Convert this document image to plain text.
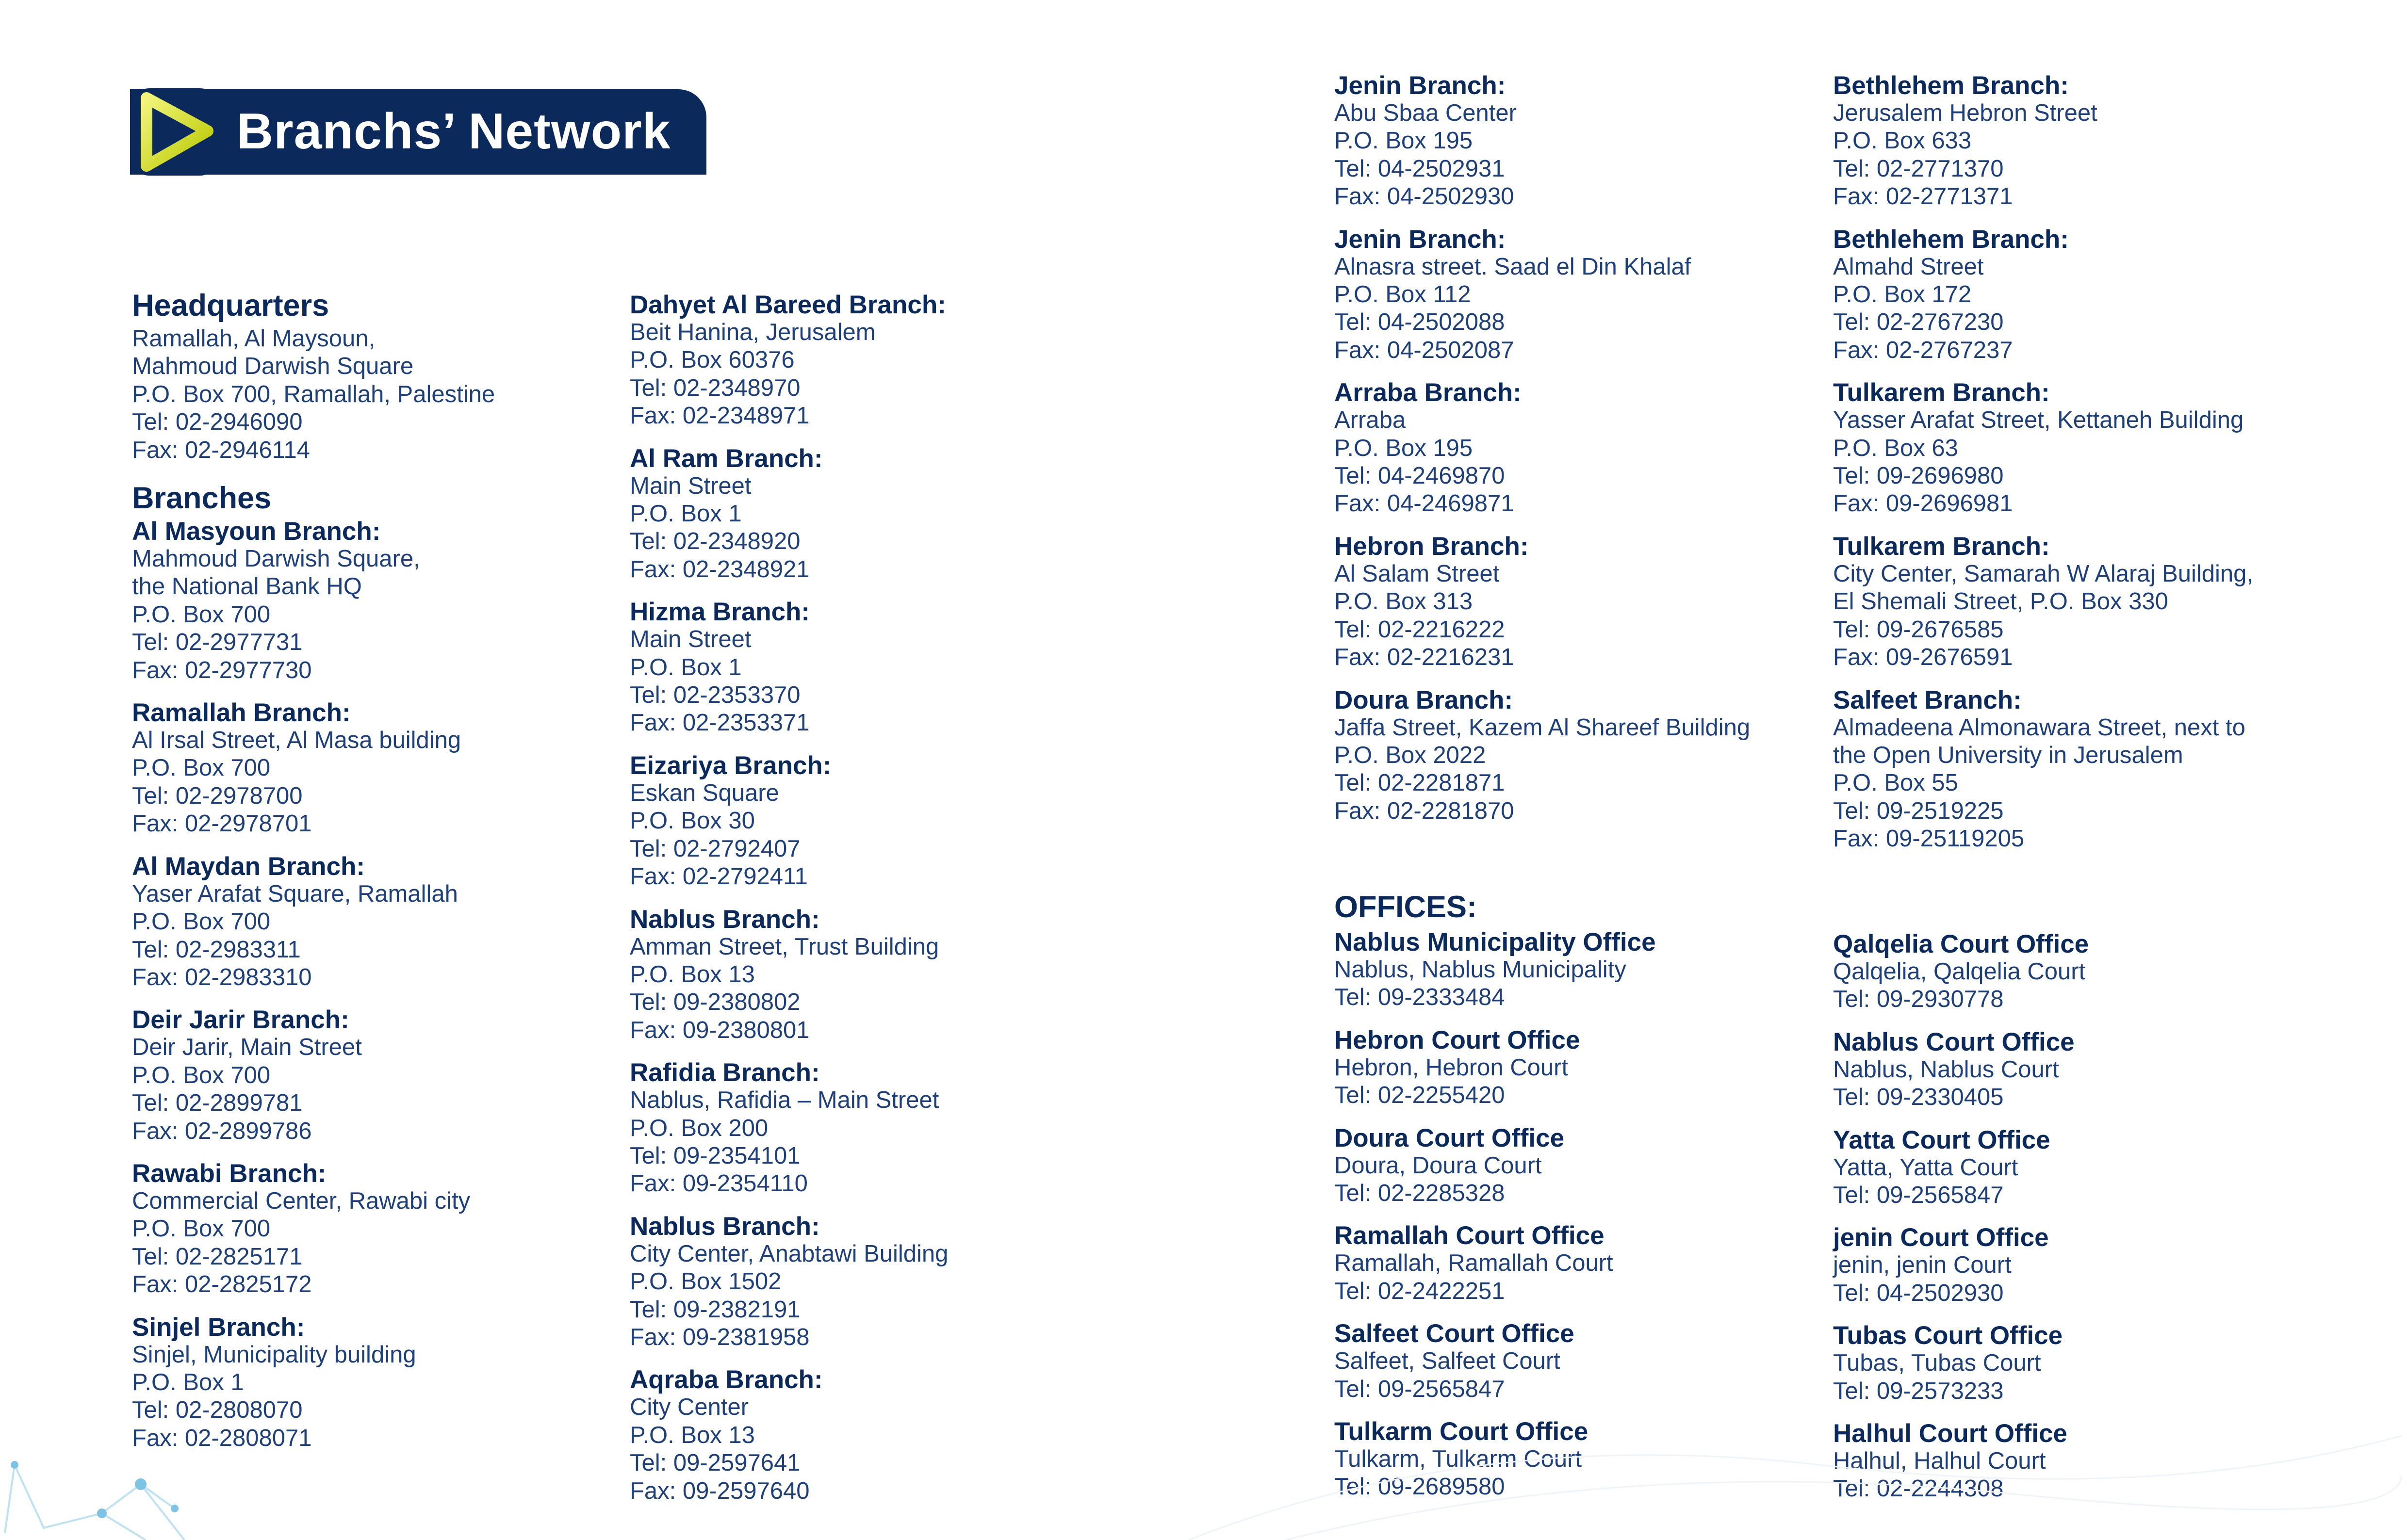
Branchs’ Network
Headquarters
Ramallah, Al Maysoun,
Mahmoud Darwish Square
P.O. Box 700, Ramallah, Palestine
Tel: 02-2946090
Fax: 02-2946114
Branches
Al Masyoun Branch:
Mahmoud Darwish Square,
the National Bank HQ
P.O. Box 700
Tel: 02-2977731
Fax: 02-2977730
Ramallah Branch:
Al Irsal Street, Al Masa building
P.O. Box 700
Tel: 02-2978700
Fax: 02-2978701
Al Maydan Branch:
Yaser Arafat Square, Ramallah
P.O. Box 700
Tel: 02-2983311
Fax: 02-2983310
Deir Jarir Branch:
Deir Jarir, Main Street
P.O. Box 700
Tel: 02-2899781
Fax: 02-2899786
Rawabi Branch:
Commercial Center, Rawabi city
P.O. Box 700
Tel: 02-2825171
Fax: 02-2825172
Sinjel Branch:
Sinjel, Municipality building
P.O. Box 1
Tel: 02-2808070
Fax: 02-2808071
Dahyet Al Bareed Branch:
Beit Hanina, Jerusalem
P.O. Box 60376
Tel: 02-2348970
Fax: 02-2348971
Al Ram Branch:
Main Street
P.O. Box 1
Tel: 02-2348920
Fax: 02-2348921
Hizma Branch:
Main Street
P.O. Box 1
Tel: 02-2353370
Fax: 02-2353371
Eizariya Branch:
Eskan Square
P.O. Box 30
Tel: 02-2792407
Fax: 02-2792411
Nablus Branch:
Amman Street, Trust Building
P.O. Box 13
Tel: 09-2380802
Fax: 09-2380801
Rafidia Branch:
Nablus, Rafidia – Main Street
P.O. Box 200
Tel: 09-2354101
Fax: 09-2354110
Nablus Branch:
City Center, Anabtawi Building
P.O. Box 1502
Tel: 09-2382191
Fax: 09-2381958
Aqraba Branch:
City Center
P.O. Box 13
Tel: 09-2597641
Fax: 09-2597640
Jenin Branch:
Abu Sbaa Center
P.O. Box 195
Tel: 04-2502931
Fax: 04-2502930
Jenin Branch:
Alnasra street. Saad el Din Khalaf
P.O. Box 112
Tel: 04-2502088
Fax: 04-2502087
Arraba Branch:
Arraba
P.O. Box 195
Tel: 04-2469870
Fax: 04-2469871
Hebron Branch:
Al Salam Street
P.O. Box 313
Tel: 02-2216222
Fax: 02-2216231
Doura Branch:
Jaffa Street, Kazem Al Shareef Building
P.O. Box 2022
Tel: 02-2281871
Fax: 02-2281870
OFFICES:
Nablus Municipality Office
Nablus, Nablus Municipality
Tel: 09-2333484
Hebron Court Office
Hebron, Hebron Court
Tel: 02-2255420
Doura Court Office
Doura, Doura Court
Tel: 02-2285328
Ramallah Court Office
Ramallah, Ramallah Court
Tel: 02-2422251
Salfeet Court Office
Salfeet, Salfeet Court
Tel: 09-2565847
Tulkarm Court Office
Tulkarm, Tulkarm Court
Tel: 09-2689580
Bethlehem Branch:
Jerusalem Hebron Street
P.O. Box 633
Tel: 02-2771370
Fax: 02-2771371
Bethlehem Branch:
Almahd Street
P.O. Box 172
Tel: 02-2767230
Fax: 02-2767237
Tulkarem Branch:
Yasser Arafat Street, Kettaneh Building
P.O. Box 63
Tel: 09-2696980
Fax: 09-2696981
Tulkarem Branch:
City Center, Samarah W Alaraj Building,
El Shemali Street, P.O. Box 330
Tel: 09-2676585
Fax: 09-2676591
Salfeet Branch:
Almadeena Almonawara Street, next to
the Open University in Jerusalem
P.O. Box 55
Tel: 09-2519225
Fax: 09-25119205
Qalqelia Court Office
Qalqelia, Qalqelia Court
Tel: 09-2930778
Nablus Court Office
Nablus, Nablus Court
Tel: 09-2330405
Yatta Court Office
Yatta, Yatta Court
Tel: 09-2565847
jenin Court Office
jenin, jenin Court
Tel: 04-2502930
Tubas Court Office
Tubas, Tubas Court
Tel: 09-2573233
Halhul Court Office
Halhul, Halhul Court
Tel: 02-2244308
